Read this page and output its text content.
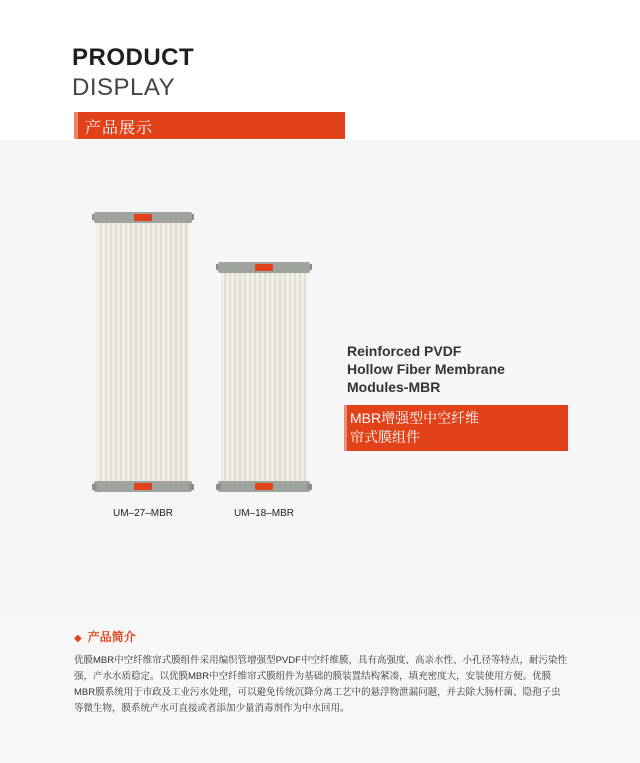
PRODUCT
DISPLAY
产品展示
UM–27–MBR	UM–18–MBR
Reinforced PVDF
Hollow Fiber Membrane
Modules-MBR
MBR增强型中空纤维
帘式膜组件
◆ 产品简介
优膜MBR中空纤维帘式膜组件采用编织管增强型PVDF中空纤维膜，具有高强度、高亲水性、小孔径等特点，耐污染性强，产水水质稳定。以优膜MBR中空纤维帘式膜组件为基础的膜装置结构紧凑，填充密度大，安装使用方便。优膜MBR膜系统用于市政及工业污水处理，可以避免传统沉降分离工艺中的悬浮物泄漏问题，并去除大肠杆菌、隐孢子虫等微生物，膜系统产水可直接或者添加少量消毒剂作为中水回用。
